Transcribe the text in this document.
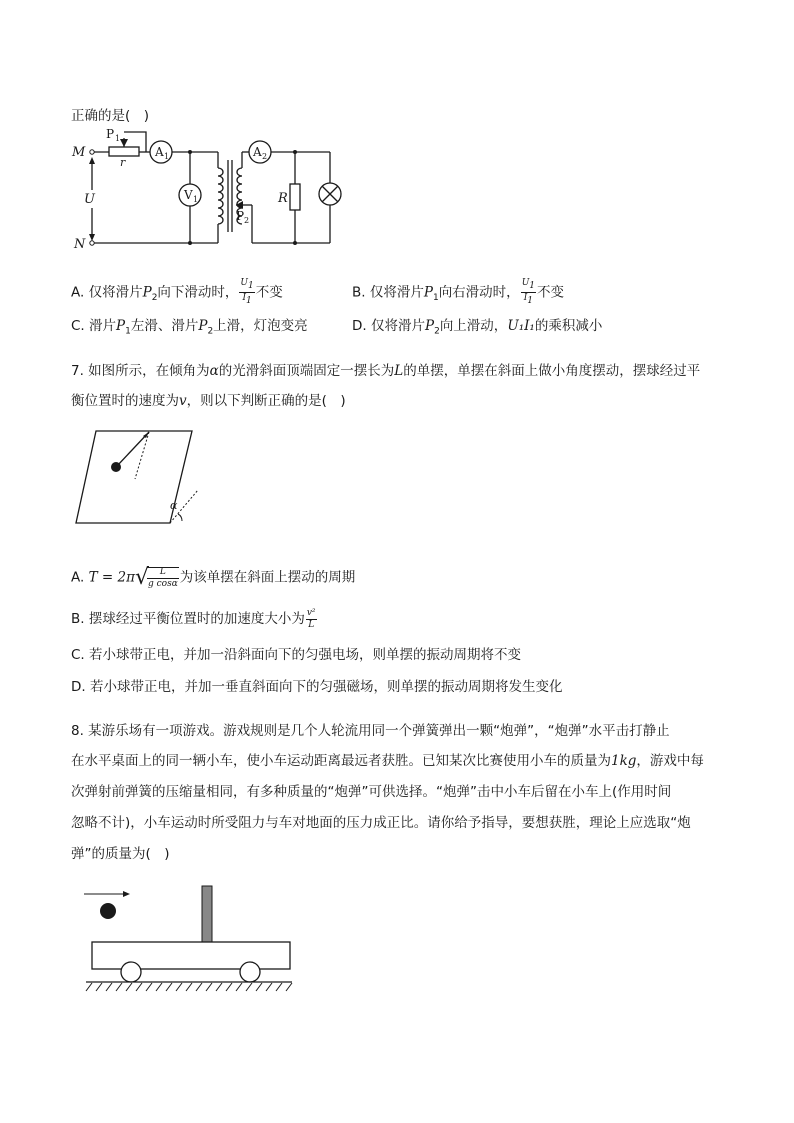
正确的是(　)
M
N
U
r
R
P 1
A 1
V 1
A 2
P 2
A. 仅将滑片$P_2$向下滑动时， $\frac{U_1}{I_1}$ 不变	B. 仅将滑片$P_1$向右滑动时， $\frac{U_1}{I_1}$ 不变
C. 滑片$P_1$左滑、滑片$P_2$上滑，灯泡变亮	D. 仅将滑片$P_2$向上滑动，U₁I₁的乘积减小
7. 如图所示，在倾角为α的光滑斜面顶端固定一摆长为L的单摆，单摆在斜面上做小角度摆动，摆球经过平
衡位置时的速度为v，则以下判断正确的是(　)
α
A. T = 2π√
$\frac{L}{\text{g cosα}}$ 为该单摆在斜面上摆动的周期
B. 摆球经过平衡位置时的加速度大小为 $\frac{\text{v²}}{L}$
C. 若小球带正电，并加一沿斜面向下的匀强电场，则单摆的振动周期将不变
D. 若小球带正电，并加一垂直斜面向下的匀强磁场，则单摆的振动周期将发生变化
8. 某游乐场有一项游戏。游戏规则是几个人轮流用同一个弹簧弹出一颗“炮弹”，“炮弹”水平击打静止
在水平桌面上的同一辆小车，使小车运动距离最远者获胜。已知某次比赛使用小车的质量为1kg，游戏中每
次弹射前弹簧的压缩量相同，有多种质量的“炮弹”可供选择。“炮弹”击中小车后留在小车上(作用时间
忽略不计)，小车运动时所受阻力与车对地面的压力成正比。请你给予指导，要想获胜，理论上应选取“炮
弹”的质量为(　)
